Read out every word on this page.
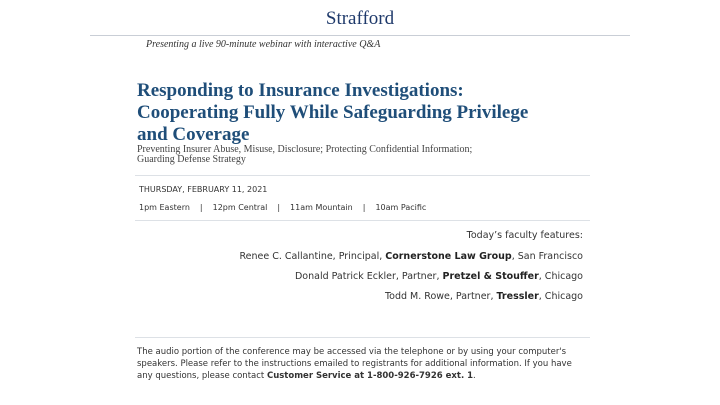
Strafford
Presenting a live 90-minute webinar with interactive Q&A
Responding to Insurance Investigations:
Cooperating Fully While Safeguarding Privilege
and Coverage
Preventing Insurer Abuse, Misuse, Disclosure; Protecting Confidential Information;
Guarding Defense Strategy
THURSDAY, FEBRUARY 11, 2021
1pm Eastern | 12pm Central | 11am Mountain | 10am Pacific
Today’s faculty features:
Renee C. Callantine, Principal, Cornerstone Law Group, San Francisco
Donald Patrick Eckler, Partner, Pretzel & Stouffer, Chicago
Todd M. Rowe, Partner, Tressler, Chicago
The audio portion of the conference may be accessed via the telephone or by using your computer's speakers. Please refer to the instructions emailed to registrants for additional information. If you have any questions, please contact Customer Service at 1-800-926-7926 ext. 1.
